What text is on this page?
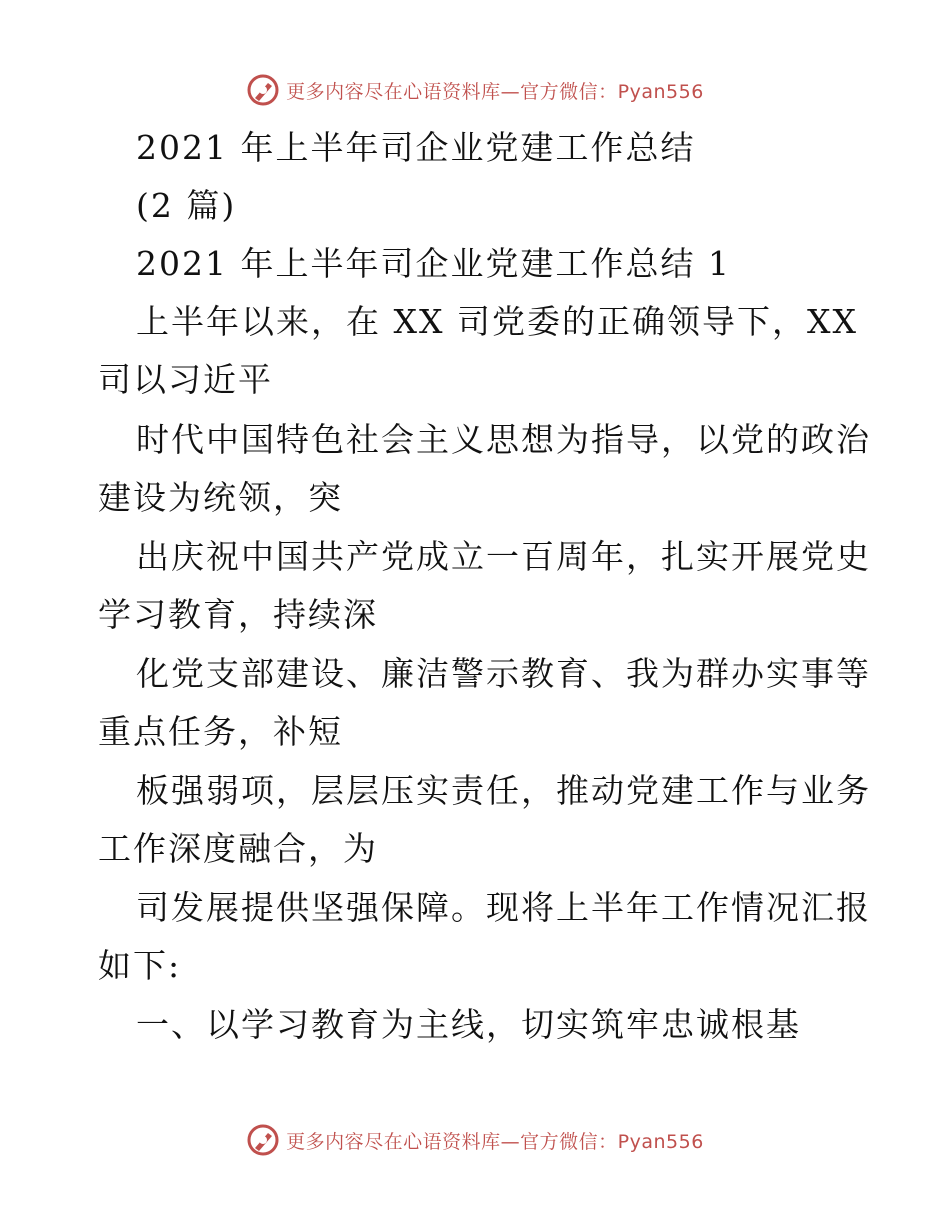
更多内容尽在心语资料库—官方微信：Pyan556
2021 年上半年司企业党建工作总结
(2 篇)
2021 年上半年司企业党建工作总结 1
上半年以来，在 XX 司党委的正确领导下，XX
司以习近平
时代中国特色社会主义思想为指导，以党的政治
建设为统领，突
出庆祝中国共产党成立一百周年，扎实开展党史
学习教育，持续深
化党支部建设、廉洁警示教育、我为群办实事等
重点任务，补短
板强弱项，层层压实责任，推动党建工作与业务
工作深度融合，为
司发展提供坚强保障。现将上半年工作情况汇报
如下:
一、以学习教育为主线，切实筑牢忠诚根基
更多内容尽在心语资料库—官方微信：Pyan556
